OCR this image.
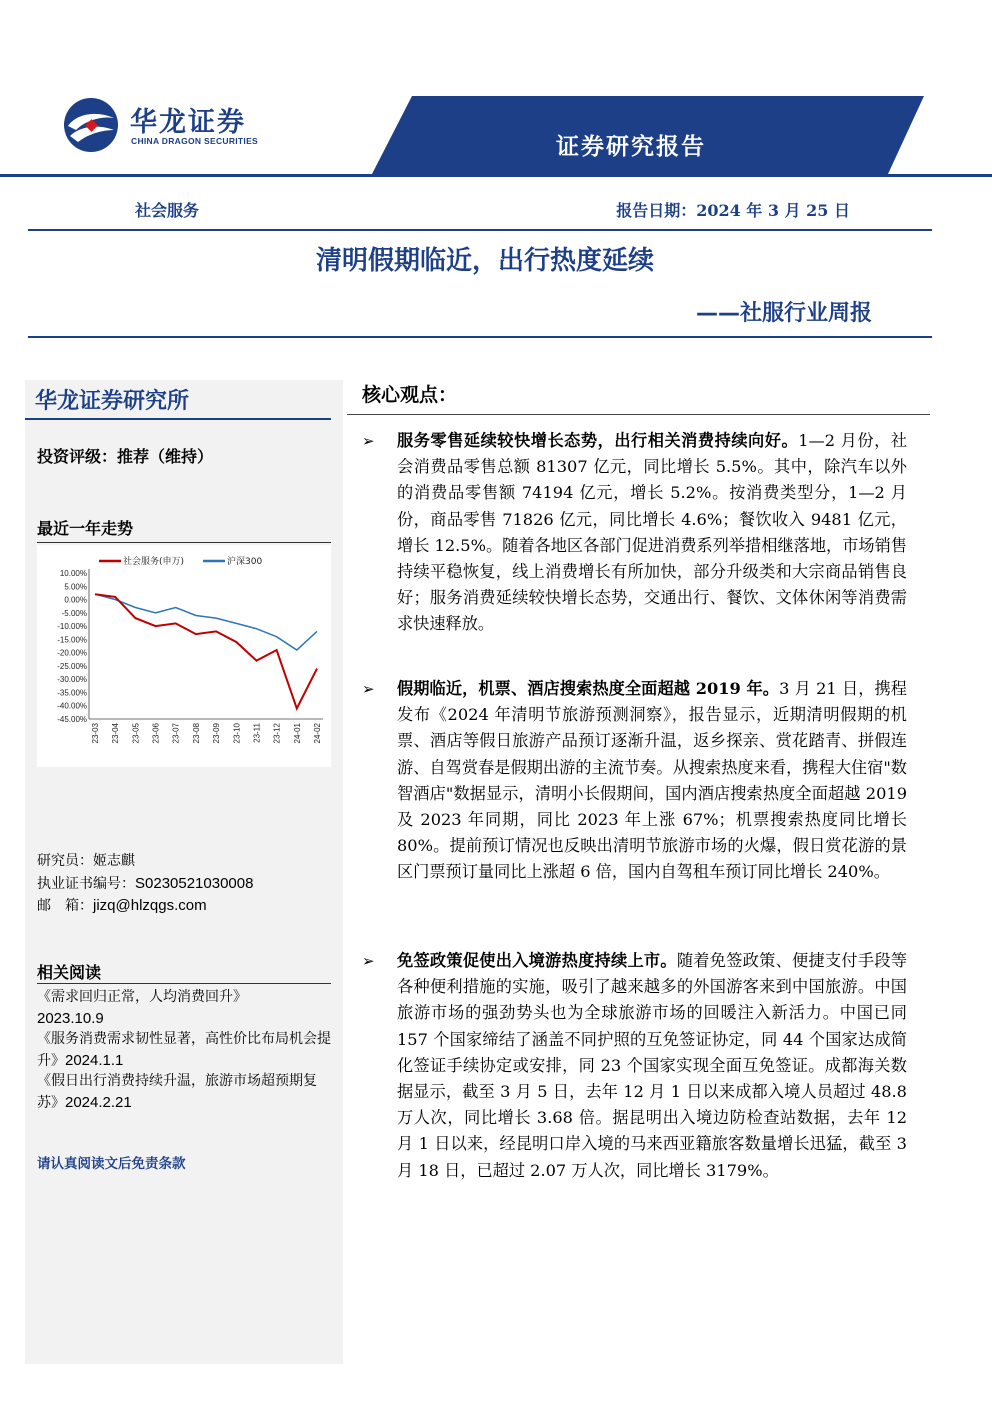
华龙证券
CHINA DRAGON SECURITIES	证券研究报告
社会服务	报告日期：2024 年 3 月 25 日
清明假期临近，出行热度延续
——社服行业周报
华龙证券研究所
投资评级：推荐（维持）
最近一年走势
10.00%
5.00%
0.00%
-5.00%
-10.00%
-15.00%
-20.00%
-25.00%
-30.00%
-35.00%
-40.00%
-45.00%
23-03 23-04 23-05 23-06 23-07 23-08 23-09 23-10 23-11 23-12 24-01 24-02
社会服务(申万)	沪深300
研究员：姬志麒
执业证书编号：S0230521030008
邮　箱：jizq@hlzqgs.com
相关阅读
《需求回归正常，人均消费回升》
2023.10.9
《服务消费需求韧性显著，高性价比布局机会提升》2024.1.1
《假日出行消费持续升温，旅游市场超预期复苏》2024.2.21
请认真阅读文后免责条款
核心观点：
➢ 服务零售延续较快增长态势，出行相关消费持续向好。1—2 月份，社会消费品零售总额 81307 亿元，同比增长 5.5%。其中，除汽车以外的消费品零售额 74194 亿元，增长 5.2%。按消费类型分，1—2 月份，商品零售 71826 亿元，同比增长 4.6%；餐饮收入 9481 亿元，增长 12.5%。随着各地区各部门促进消费系列举措相继落地，市场销售持续平稳恢复，线上消费增长有所加快，部分升级类和大宗商品销售良好；服务消费延续较快增长态势，交通出行、餐饮、文体休闲等消费需求快速释放。

➢ 假期临近，机票、酒店搜索热度全面超越 2019 年。3 月 21 日，携程发布《2024 年清明节旅游预测洞察》，报告显示，近期清明假期的机票、酒店等假日旅游产品预订逐渐升温，返乡探亲、赏花踏青、拼假连游、自驾赏春是假期出游的主流节奏。从搜索热度来看，携程大住宿"数智酒店"数据显示，清明小长假期间，国内酒店搜索热度全面超越 2019 及 2023 年同期，同比 2023 年上涨 67%；机票搜索热度同比增长 80%。提前预订情况也反映出清明节旅游市场的火爆，假日赏花游的景区门票预订量同比上涨超 6 倍，国内自驾租车预订同比增长 240%。

➢ 免签政策促使出入境游热度持续上市。随着免签政策、便捷支付手段等各种便利措施的实施，吸引了越来越多的外国游客来到中国旅游。中国旅游市场的强劲势头也为全球旅游市场的回暖注入新活力。中国已同 157 个国家缔结了涵盖不同护照的互免签证协定，同 44 个国家达成简化签证手续协定或安排，同 23 个国家实现全面互免签证。成都海关数据显示，截至 3 月 5 日，去年 12 月 1 日以来成都入境人员超过 48.8 万人次，同比增长 3.68 倍。据昆明出入境边防检查站数据，去年 12 月 1 日以来，经昆明口岸入境的马来西亚籍旅客数量增长迅猛，截至 3 月 18 日，已超过 2.07 万人次，同比增长 3179%。
